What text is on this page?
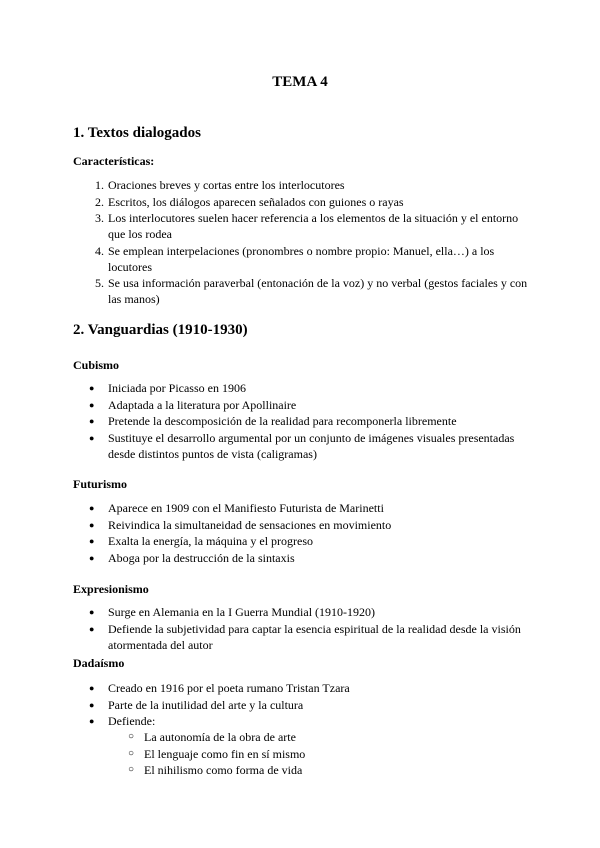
TEMA 4
1. Textos dialogados
Características:
1. Oraciones breves y cortas entre los interlocutores
2. Escritos, los diálogos aparecen señalados con guiones o rayas
3. Los interlocutores suelen hacer referencia a los elementos de la situación y el entorno que los rodea
4. Se emplean interpelaciones (pronombres o nombre propio: Manuel, ella…) a los locutores
5. Se usa información paraverbal (entonación de la voz) y no verbal (gestos faciales y con las manos)
2. Vanguardias (1910-1930)
Cubismo
● Iniciada por Picasso en 1906
● Adaptada a la literatura por Apollinaire
● Pretende la descomposición de la realidad para recomponerla libremente
● Sustituye el desarrollo argumental por un conjunto de imágenes visuales presentadas desde distintos puntos de vista (caligramas)
Futurismo
● Aparece en 1909 con el Manifiesto Futurista de Marinetti
● Reivindica la simultaneidad de sensaciones en movimiento
● Exalta la energía, la máquina y el progreso
● Aboga por la destrucción de la sintaxis
Expresionismo
● Surge en Alemania en la I Guerra Mundial (1910-1920)
● Defiende la subjetividad para captar la esencia espiritual de la realidad desde la visión atormentada del autor
Dadaísmo
● Creado en 1916 por el poeta rumano Tristan Tzara
● Parte de la inutilidad del arte y la cultura
● Defiende:
○ La autonomía de la obra de arte
○ El lenguaje como fin en sí mismo
○ El nihilismo como forma de vida
